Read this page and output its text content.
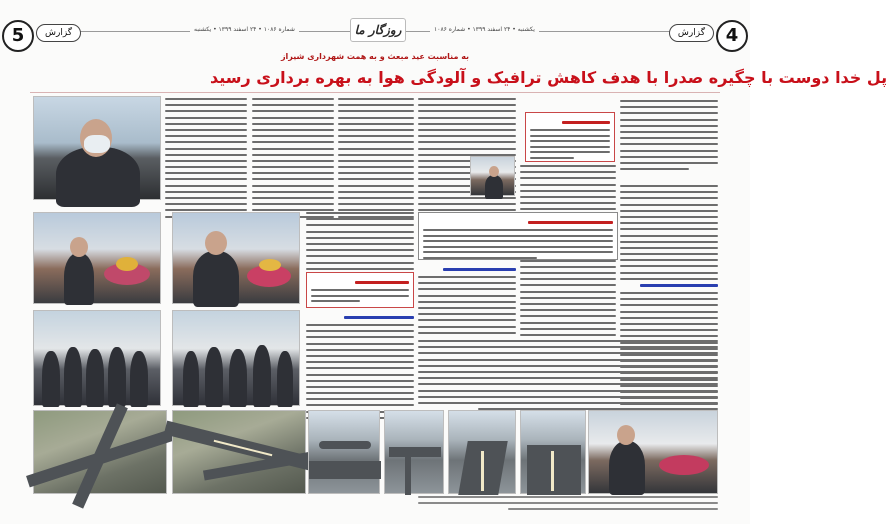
5	گزارش	شماره ۱۰۸۶ • ۲۴ اسفند ۱۳۹۹ • یکشنبه	روزگار ما	یکشنبه • ۲۴ اسفند ۱۳۹۹ • شماره ۱۰۸۶	گزارش	4
به مناسبت عید مبعث و به همت شهرداری شیراز
پل خدا دوست با چگیره صدرا با هدف کاهش ترافیک و آلودگی هوا به بهره برداری رسید
